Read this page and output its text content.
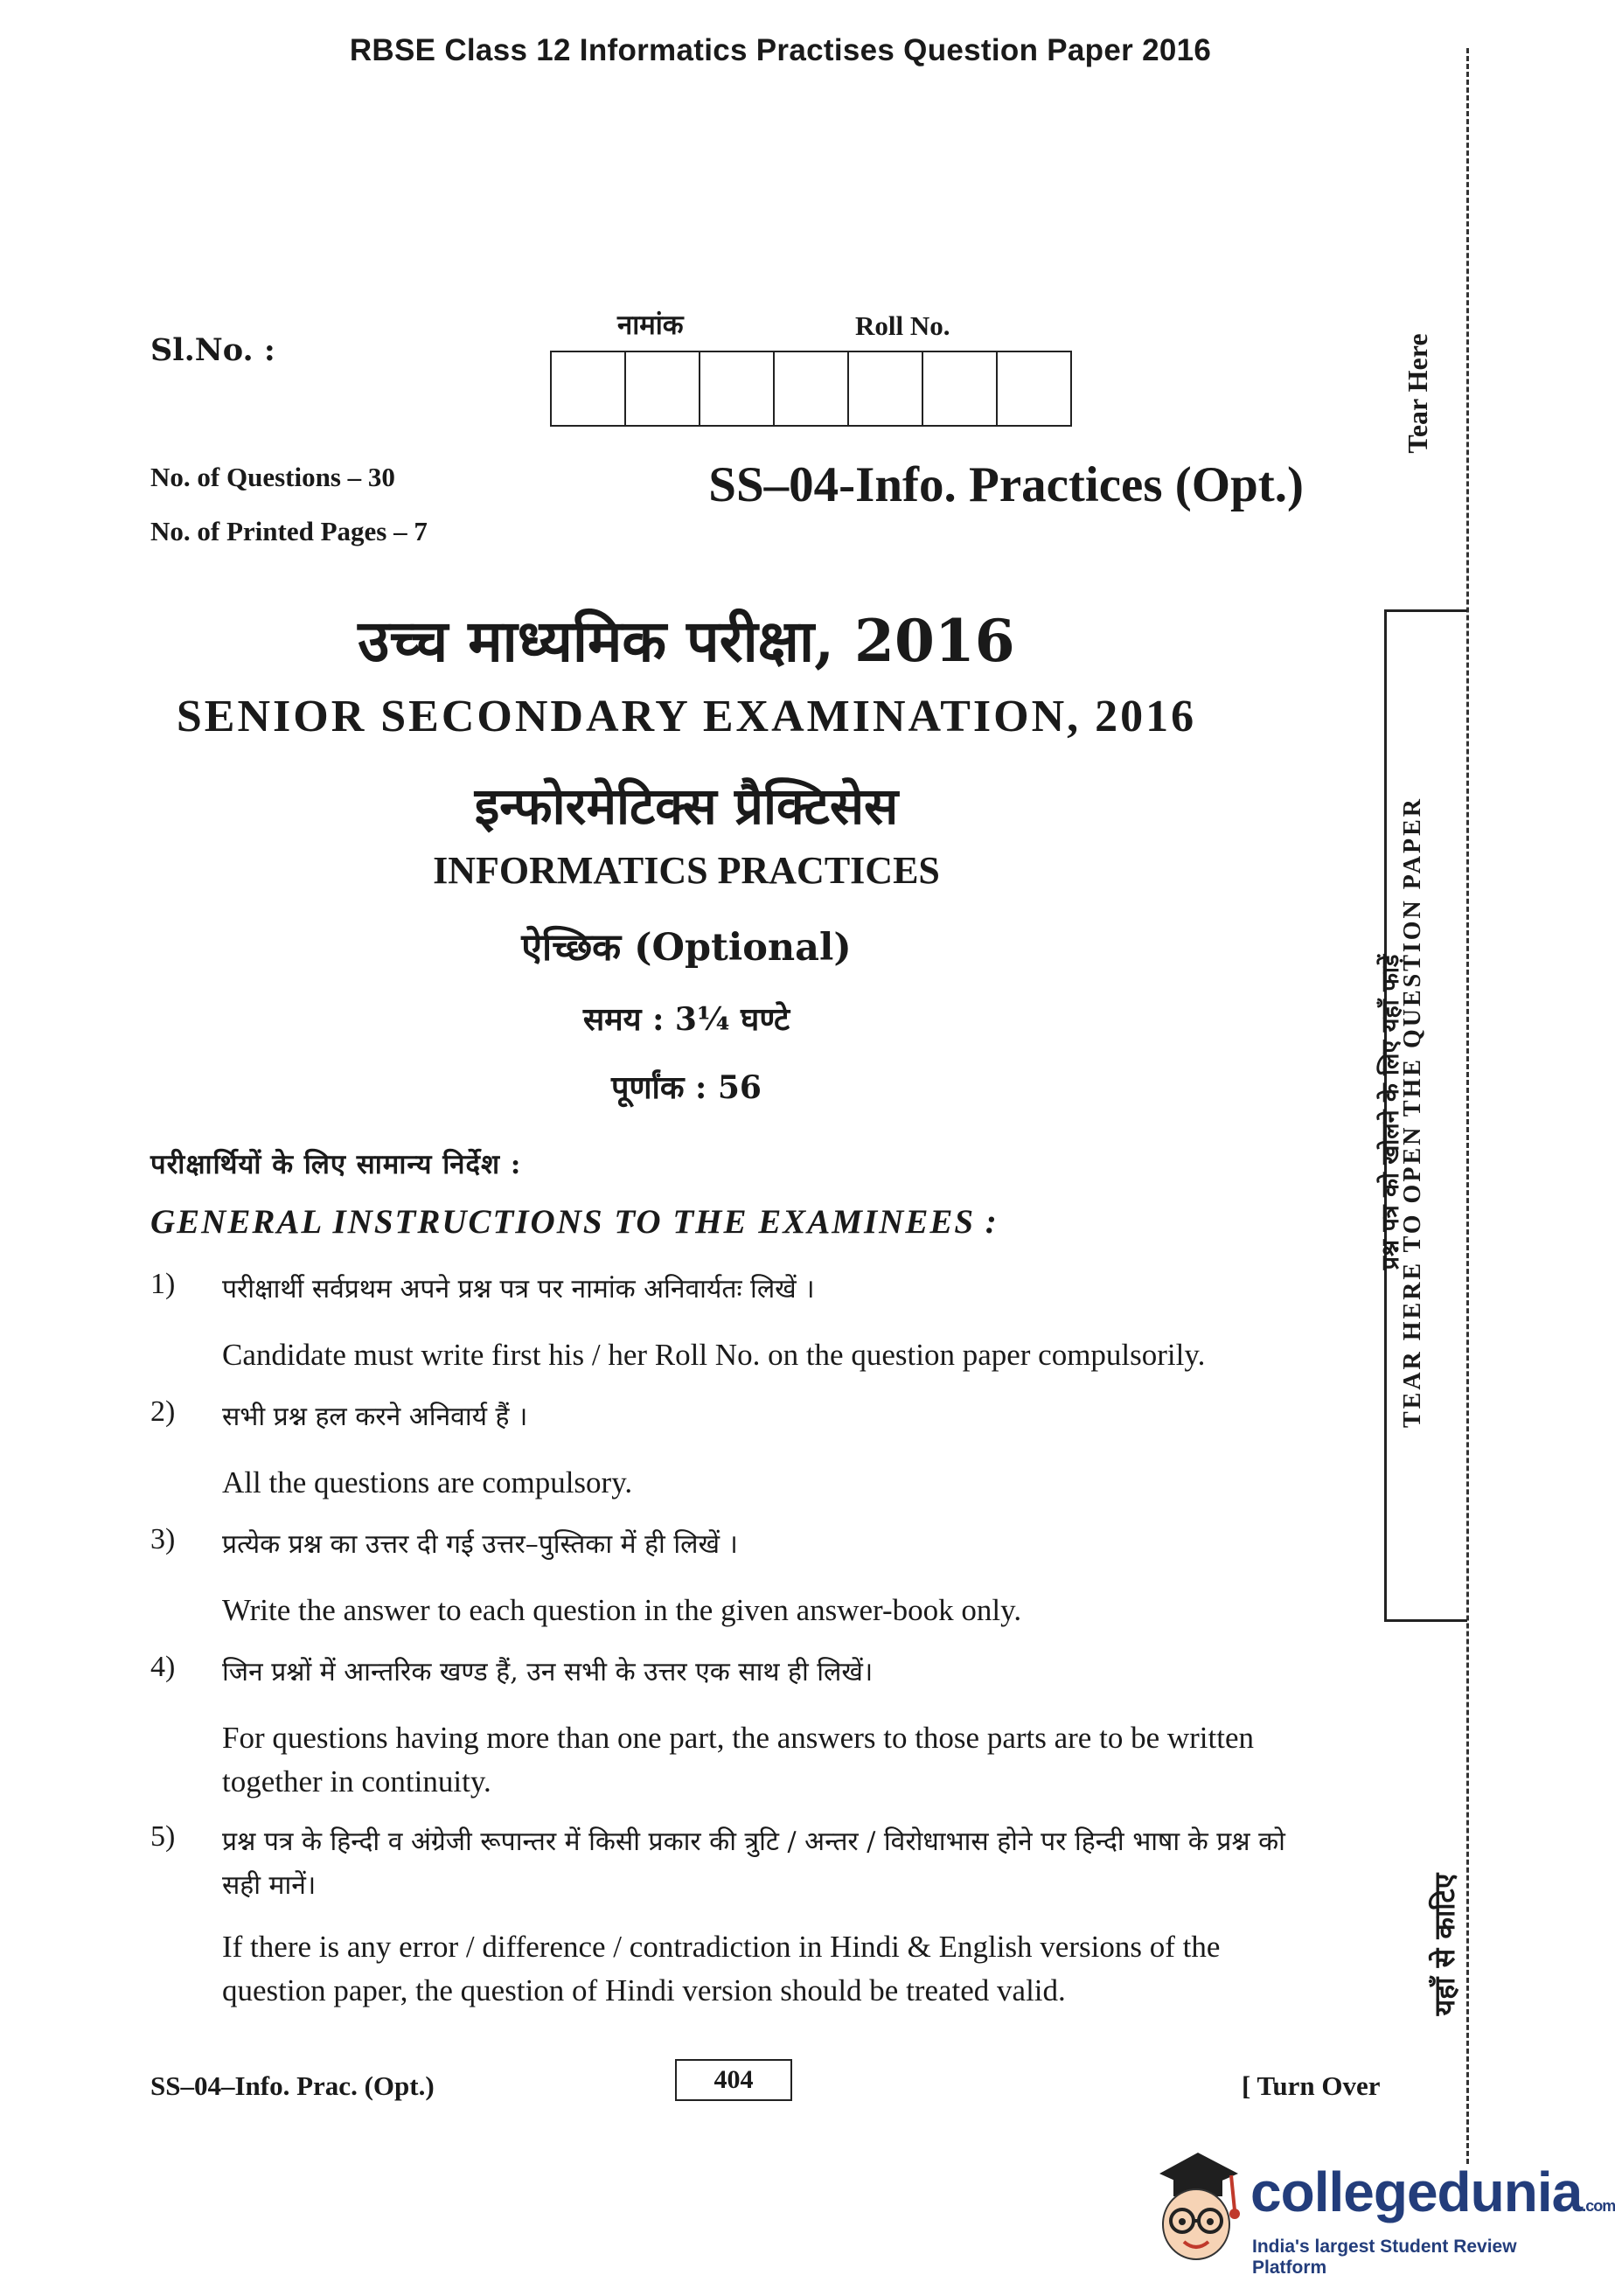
RBSE Class 12 Informatics Practises Question Paper 2016
Sl.No. :
नामांक	Roll No.
No. of Questions – 30
No. of Printed Pages – 7
SS–04-Info. Practices (Opt.)
उच्च माध्यमिक परीक्षा, 2016
SENIOR SECONDARY EXAMINATION, 2016
इन्फोरमेटिक्स प्रैक्टिसेस
INFORMATICS PRACTICES
ऐच्छिक (Optional)
समय : 3¼ घण्टे
पूर्णांक : 56
परीक्षार्थियों के लिए सामान्य निर्देश :
GENERAL INSTRUCTIONS TO THE EXAMINEES :
1) परीक्षार्थी सर्वप्रथम अपने प्रश्न पत्र पर नामांक अनिवार्यतः लिखें ।
Candidate must write first his / her Roll No. on the question paper compulsorily.
2) सभी प्रश्न हल करने अनिवार्य हैं ।
All the questions are compulsory.
3) प्रत्येक प्रश्न का उत्तर दी गई उत्तर–पुस्तिका में ही लिखें ।
Write the answer to each question in the given answer-book only.
4) जिन प्रश्नों में आन्तरिक खण्ड हैं, उन सभी के उत्तर एक साथ ही लिखें।
For questions having more than one part, the answers to those parts are to be written together in continuity.
5) प्रश्न पत्र के हिन्दी व अंग्रेजी रूपान्तर में किसी प्रकार की त्रुटि / अन्तर / विरोधाभास होने पर हिन्दी भाषा के प्रश्न को सही मानें।
If there is any error / difference / contradiction in Hindi & English versions of the question paper, the question of Hindi version should be treated valid.
SS–04–Info. Prac. (Opt.)	404	[ Turn Over
Tear Here
TEAR HERE TO OPEN THE QUESTION PAPER
प्रश्न पत्र को खोलने के लिए यहाँ फाड़ें
यहाँ से काटिए
collegedunia.com
India's largest Student Review Platform
